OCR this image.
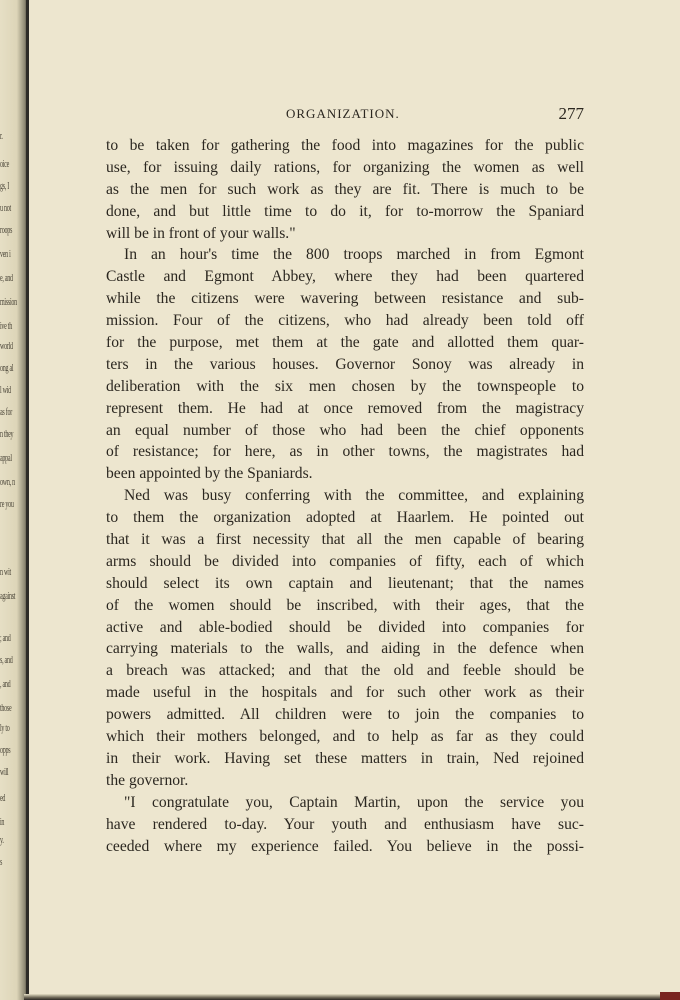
r.
oice
gs, I
u not
roops
ven i
e, and
mission
ive th
world
ong al
l wid
as for
n they
appal
own, n
re you
n wit
against
; and
s, and
, and
those
ly to
opps
will
ed
in
y.
s
ORGANIZATION.	277
to be taken for gathering the food into magazines for the public
use, for issuing daily rations, for organizing the women as well
as the men for such work as they are fit. There is much to be
done, and but little time to do it, for to-morrow the Spaniard
will be in front of your walls."
In an hour's time the 800 troops marched in from Egmont
Castle and Egmont Abbey, where they had been quartered
while the citizens were wavering between resistance and sub-
mission. Four of the citizens, who had already been told off
for the purpose, met them at the gate and allotted them quar-
ters in the various houses. Governor Sonoy was already in
deliberation with the six men chosen by the townspeople to
represent them. He had at once removed from the magistracy
an equal number of those who had been the chief opponents
of resistance; for here, as in other towns, the magistrates had
been appointed by the Spaniards.
Ned was busy conferring with the committee, and explaining
to them the organization adopted at Haarlem. He pointed out
that it was a first necessity that all the men capable of bearing
arms should be divided into companies of fifty, each of which
should select its own captain and lieutenant; that the names
of the women should be inscribed, with their ages, that the
active and able-bodied should be divided into companies for
carrying materials to the walls, and aiding in the defence when
a breach was attacked; and that the old and feeble should be
made useful in the hospitals and for such other work as their
powers admitted. All children were to join the companies to
which their mothers belonged, and to help as far as they could
in their work. Having set these matters in train, Ned rejoined
the governor.
"I congratulate you, Captain Martin, upon the service you
have rendered to-day. Your youth and enthusiasm have suc-
ceeded where my experience failed. You believe in the possi-
